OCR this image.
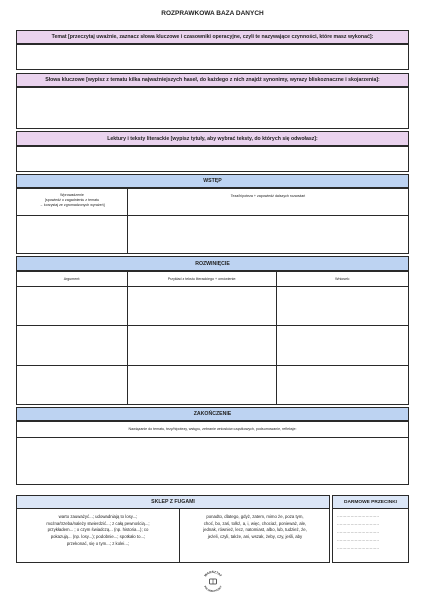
ROZPRAWKOWA BAZA DANYCH
Temat [przeczytaj uważnie, zaznacz słowa kluczowe i czasowniki operacyjne, czyli te nazywające czynności, które masz wykonać]:
Słowa kluczowe [wypisz z tematu kilka najważniejszych haseł, do każdego z nich znajdź synonimy, wyrazy bliskoznaczne i skojarzenia]:
Lektury i teksty literackie [wypisz tytuły, aby wybrać teksty, do których się odwołasz]:
WSTĘP
Wprowadzenie
[spowiedź o zagadnieniu z tematu
→ korzystaj ze zgromadzonych wyrażeń]
Teza/hipoteza + zapowiedź dalszych rozważań
ROZWINIĘCIE
Argument:	Przykład z tekstu literackiego + omówienie:	Wniosek:
ZAKOŃCZENIE
Nawiązanie do tematu, tezy/hipotezy, wstępu, zebranie wniosków cząstkowych, podsumowanie, refleksje:
SKLEP Z FUGAMI
warto zauważyć...; udowadniają to losy...;
można/trzeba/należy stwierdzić...; z całą pewnością...;
przykładem... ; o czym świadczą... (np. historia...); co
pokazują... (np. losy...); podobnie...; spotkało to...;
przekonać, się o tym...; z kolei...;
ponadto, dlatego, gdyż, zatem, mimo że, poza tym,
choć, bo, zaś, tolkż, a, i, więc, chociaż, ponieważ, ale,
jednak, również, lecz, natomiast, albo, lub, tudzież, że,
jeżeli, czyli, także, ani, wszak, żeby, czy, jeśli, aby
DARMOWE PRZECINKI
...............................
...............................
...............................
...............................
...............................
WARSZTAT
POLONISTYCZNY
